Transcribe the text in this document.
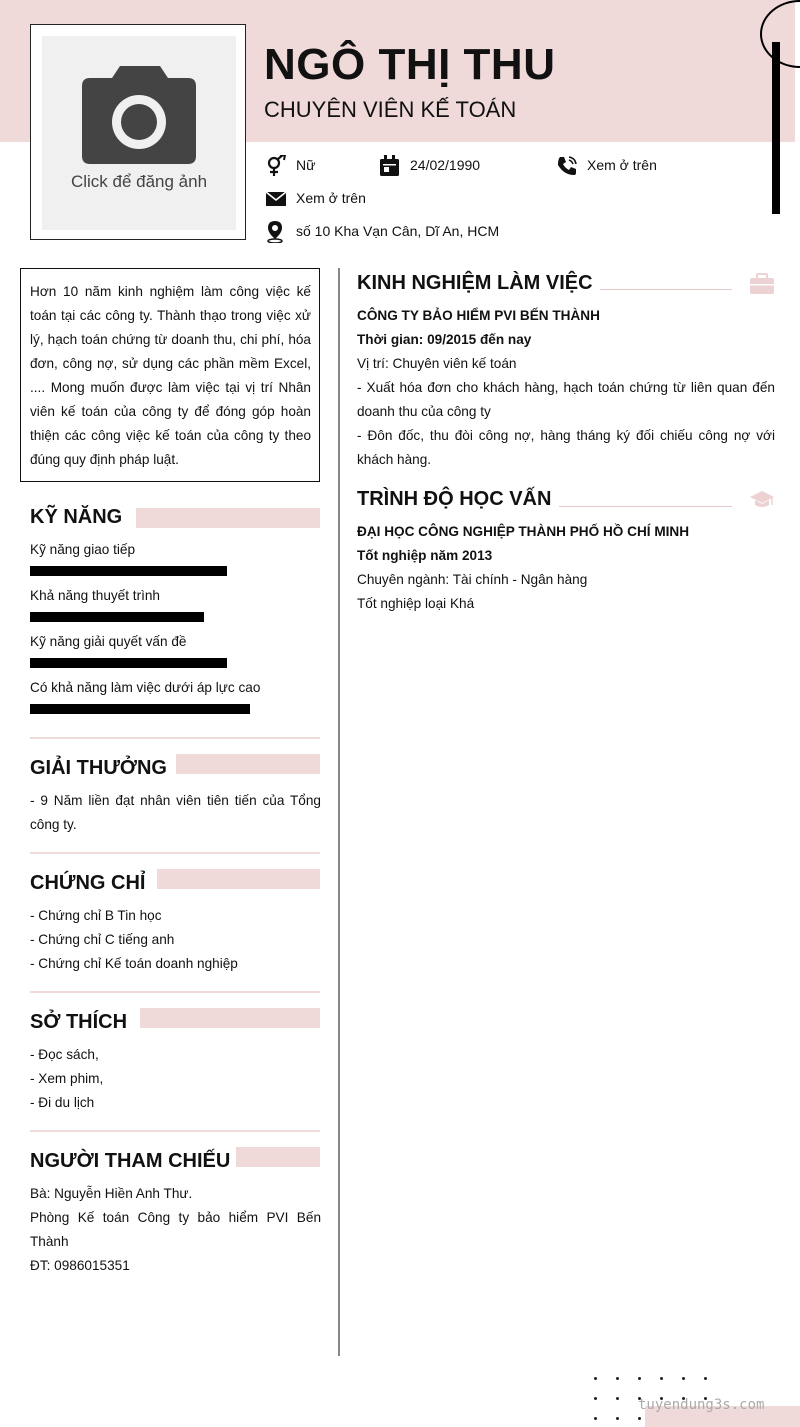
Click để đăng ảnh
NGÔ THỊ THU
CHUYÊN VIÊN KẾ TOÁN
Nữ	24/02/1990	Xem ở trên
Xem ở trên
số 10 Kha Vạn Cân, Dĩ An, HCM
Hơn 10 năm kinh nghiệm làm công việc kế toán tại các công ty. Thành thạo trong việc xử lý, hạch toán chứng từ doanh thu, chi phí, hóa đơn, công nợ, sử dụng các phần mềm Excel, .... Mong muốn được làm việc tại vị trí Nhân viên kế toán của công ty để đóng góp hoàn thiện các công việc kế toán của công ty theo đúng quy định pháp luật.
KỸ NĂNG
Kỹ năng giao tiếp
Khả năng thuyết trình
Kỹ năng giải quyết vấn đề
Có khả năng làm việc dưới áp lực cao
GIẢI THƯỞNG
- 9 Năm liền đạt nhân viên tiên tiến của Tổng công ty.
CHỨNG CHỈ
- Chứng chỉ B Tin học
- Chứng chỉ C tiếng anh
- Chứng chỉ Kế toán doanh nghiệp
SỞ THÍCH
- Đọc sách,
- Xem phim,
- Đi du lịch
NGƯỜI THAM CHIẾU
Bà: Nguyễn Hiền Anh Thư.
Phòng Kế toán Công ty bảo hiểm PVI Bến Thành
ĐT: 0986015351
KINH NGHIỆM LÀM VIỆC
CÔNG TY BẢO HIỂM PVI BẾN THÀNH
Thời gian: 09/2015 đến nay
Vị trí: Chuyên viên kế toán
- Xuất hóa đơn cho khách hàng, hạch toán chứng từ liên quan đến doanh thu của công ty
- Đôn đốc, thu đòi công nợ, hàng tháng ký đối chiếu công nợ với khách hàng.
TRÌNH ĐỘ HỌC VẤN
ĐẠI HỌC CÔNG NGHIỆP THÀNH PHỐ HỒ CHÍ MINH
Tốt nghiệp năm 2013
Chuyên ngành: Tài chính - Ngân hàng
Tốt nghiệp loại Khá
tuyendung3s.com
